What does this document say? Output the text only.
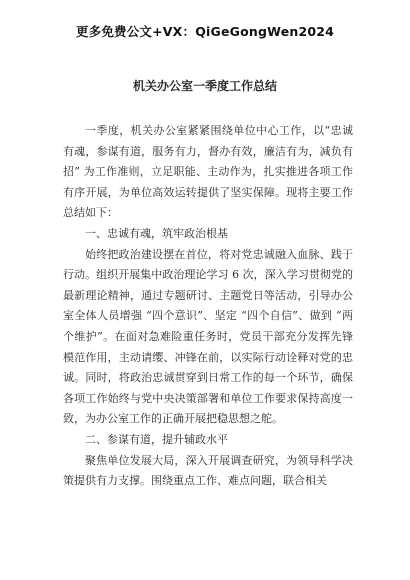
更多免费公文+VX：QiGeGongWen2024
机关办公室一季度工作总结

一季度，机关办公室紧紧围绕单位中心工作，以“忠诚有魂，参谋有道，服务有力，督办有效，廉洁有为，减负有招” 为工作准则，立足职能、主动作为，扎实推进各项工作有序开展，为单位高效运转提供了坚实保障。现将主要工作总结如下：

一、忠诚有魂，筑牢政治根基

始终把政治建设摆在首位，将对党忠诚融入血脉、践于行动。组织开展集中政治理论学习 6 次，深入学习贯彻党的最新理论精神，通过专题研讨、主题党日等活动，引导办公室全体人员增强 “四个意识”、坚定 “四个自信”、做到 “两个维护”。在面对急难险重任务时，党员干部充分发挥先锋模范作用，主动请缨、冲锋在前，以实际行动诠释对党的忠诚。同时，将政治忠诚贯穿到日常工作的每一个环节，确保各项工作始终与党中央决策部署和单位工作要求保持高度一致，为办公室工作的正确开展把稳思想之舵。

二、参谋有道，提升辅政水平

聚焦单位发展大局，深入开展调查研究，为领导科学决策提供有力支撑。围绕重点工作、难点问题，联合相关
